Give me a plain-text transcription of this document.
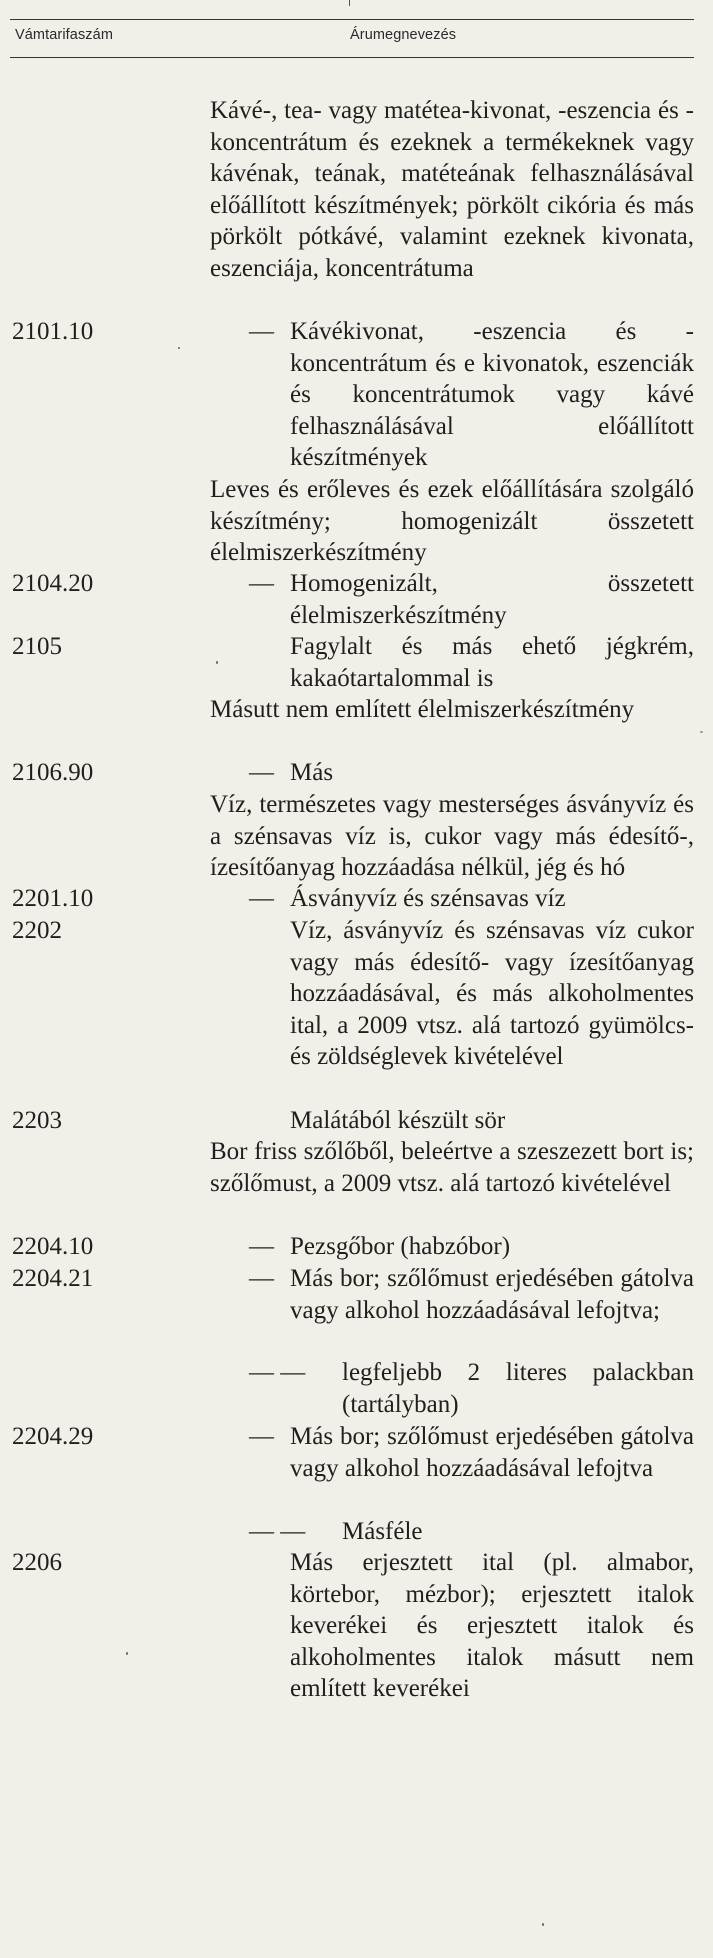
Vámtarifaszám	Árumegnevezés
Kávé-, tea- vagy matétea-kivonat, -eszencia és -koncentrátum és ezeknek a termékeknek vagy kávénak, teának, matéteának felhasználásával előállított készítmények; pörkölt cikória és más pörkölt pótkávé, valamint ezeknek kivonata, eszenciája, koncentrátuma
2101.10	— Kávékivonat, -eszencia és -koncentrátum és e kivonatok, eszenciák és koncentrátumok vagy kávé felhasználásával előállított készítmények
Leves és erőleves és ezek előállítására szolgáló készítmény; homogenizált összetett élelmiszerkészítmény
2104.20	— Homogenizált, összetett élelmiszerkészítmény
2105	Fagylalt és más ehető jégkrém, kakaótartalommal is
Másutt nem említett élelmiszerkészítmény
2106.90	— Más
Víz, természetes vagy mesterséges ásványvíz és a szénsavas víz is, cukor vagy más édesítő-, ízesítőanyag hozzáadása nélkül, jég és hó
2201.10	— Ásványvíz és szénsavas víz
2202	Víz, ásványvíz és szénsavas víz cukor vagy más édesítő- vagy ízesítőanyag hozzáadásával, és más alkoholmentes ital, a 2009 vtsz. alá tartozó gyümölcs- és zöldséglevek kivételével
2203	Malátából készült sör
Bor friss szőlőből, beleértve a szeszezett bort is; szőlőmust, a 2009 vtsz. alá tartozó kivételével
2204.10	— Pezsgőbor (habzóbor)
2204.21	— Más bor; szőlőmust erjedésében gátolva vagy alkohol hozzáadásával lefojtva;
— — legfeljebb 2 literes palackban (tartályban)
2204.29	— Más bor; szőlőmust erjedésében gátolva vagy alkohol hozzáadásával lefojtva
— — Másféle
2206	Más erjesztett ital (pl. almabor, körtebor, mézbor); erjesztett italok keverékei és erjesztett italok és alkoholmentes italok másutt nem említett keverékei
